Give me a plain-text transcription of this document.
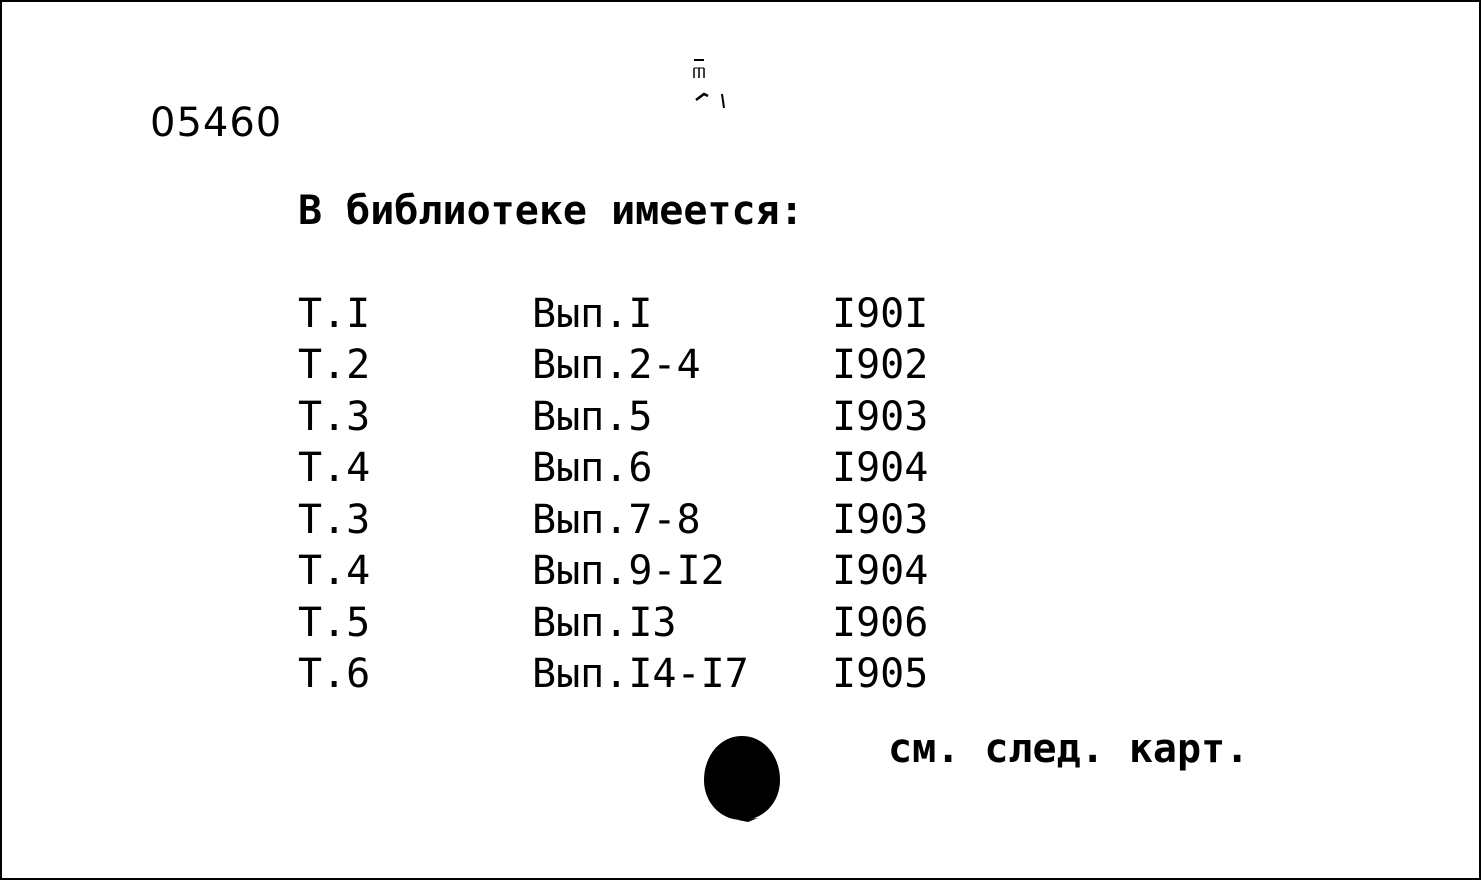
05460
В библиотеке имеется:
Т.I	Вып.I	I90I
Т.2	Вып.2-4	I902
Т.3	Вып.5	I903
Т.4	Вып.6	I904
Т.3	Вып.7-8	I903
Т.4	Вып.9-I2	I904
Т.5	Вып.I3	I906
Т.6	Вып.I4-I7	I905
см. след. карт.
